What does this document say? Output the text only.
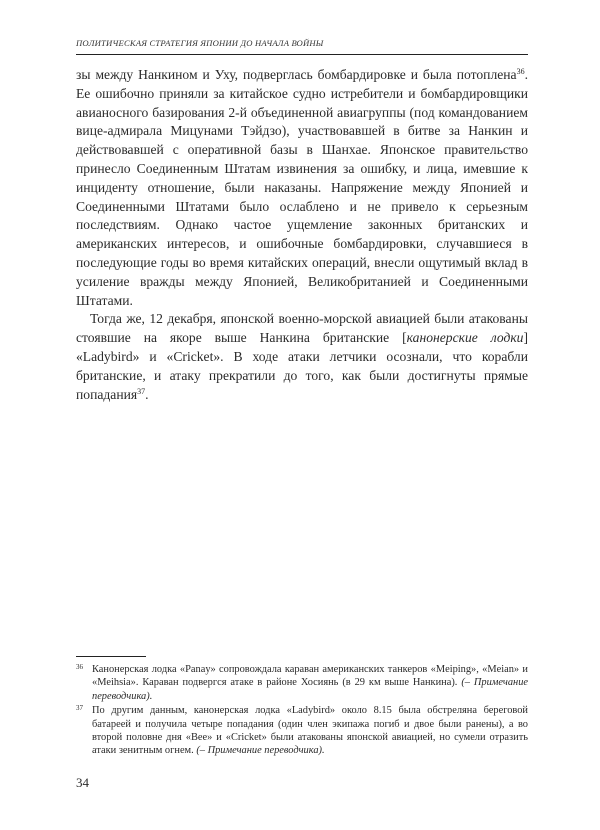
ПОЛИТИЧЕСКАЯ СТРАТЕГИЯ ЯПОНИИ ДО НАЧАЛА ВОЙНЫ

зы между Нанкином и Уху, подверглась бомбардировке и была потоплена$^{36}$. Ее ошибочно приняли за китайское судно истребители и бомбардировщики авианосного базирования 2-й объединенной авиагруппы (под командованием вице-адмирала Мицунами Тэйдзо), участвовавшей в битве за Нанкин и действовавшей с оперативной базы в Шанхае. Японское правительство принесло Соединенным Штатам извинения за ошибку, и лица, имевшие к инциденту отношение, были наказаны. Напряжение между Японией и Соединенными Штатами было ослаблено и не привело к серьезным последствиям. Однако частое ущемление законных британских и американских интересов, и ошибочные бомбардировки, случавшиеся в последующие годы во время китайских операций, внесли ощутимый вклад в усиление вражды между Японией, Великобританией и Соединенными Штатами.

Тогда же, 12 декабря, японской военно-морской авиацией были атакованы стоявшие на якоре выше Нанкина британские [канонерские лодки] «Ladybird» и «Cricket». В ходе атаки летчики осознали, что корабли британские, и атаку прекратили до того, как были достигнуты прямые попадания$^{37}$.

36 Канонерская лодка «Panay» сопровождала караван американских танкеров «Meiping», «Meian» и «Meihsia». Караван подвергся атаке в районе Хосиянь (в 29 км выше Нанкина). (– Примечание переводчика).
37 По другим данным, канонерская лодка «Ladybird» около 8.15 была обстреляна береговой батареей и получила четыре попадания (один член экипажа погиб и двое были ранены), а во второй половне дня «Bee» и «Cricket» были атакованы японской авиацией, но сумели отразить атаки зенитным огнем. (– Примечание переводчика).
34
